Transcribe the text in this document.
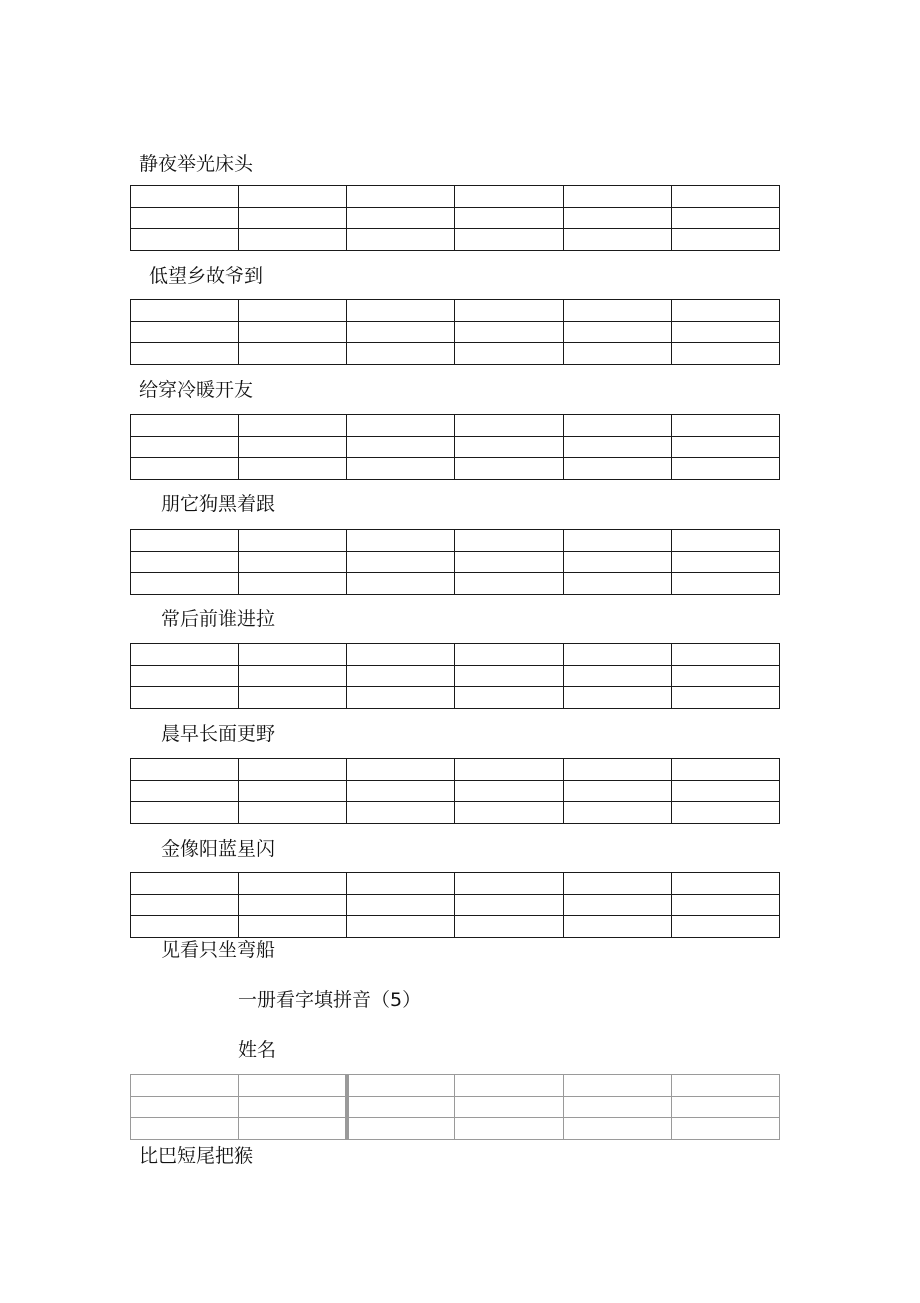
静夜举光床头

低望乡故爷到

给穿冷暖开友

朋它狗黑着跟

常后前谁进拉

晨早长面更野

金像阳蓝星闪

见看只坐弯船
一册看字填拼音（5）
姓名

比巴短尾把猴
